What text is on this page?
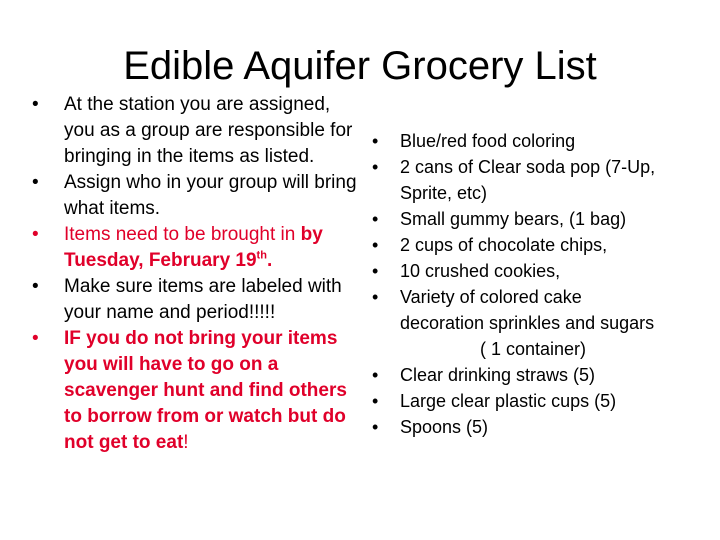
Edible Aquifer Grocery List
•	At the station you are assigned, you as a group are responsible for bringing in the items as listed.
•	Assign who in your group will bring what items.
•	Items need to be brought in by Tuesday, February 19th.
•	Make sure items are labeled with your name and period!!!!!
•	IF you do not bring your items you will have to go on a scavenger hunt and find others to borrow from or watch but do not get to eat!
•	Blue/red food coloring
•	2 cans of Clear soda pop (7-Up, Sprite, etc)
•	Small gummy bears, (1 bag)
•	2 cups of chocolate chips,
•	10 crushed cookies,
•	Variety of colored cake decoration sprinkles and sugars
( 1 container)
•	Clear drinking straws (5)
•	Large clear plastic cups (5)
•	Spoons (5)
